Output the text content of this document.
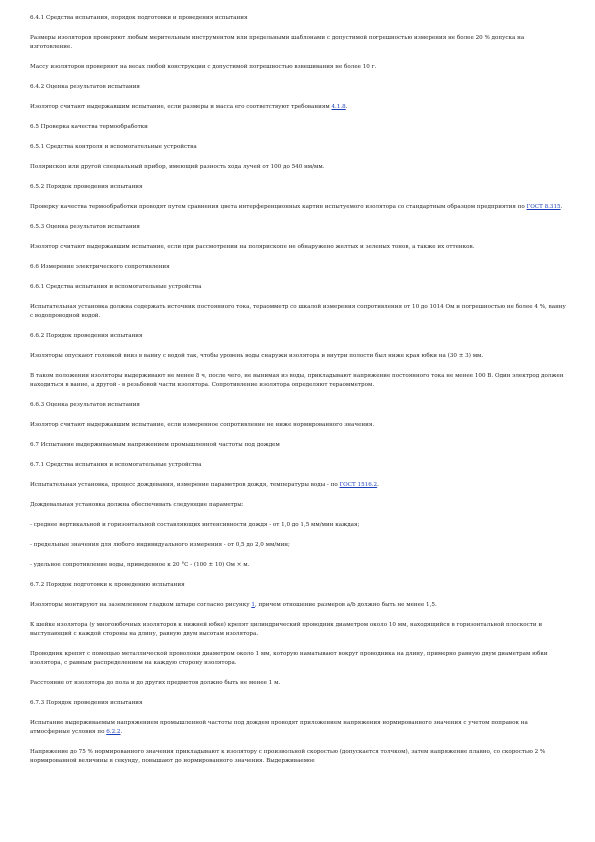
6.4.1 Средства испытания, порядок подготовки и проведения испытания

Размеры изоляторов проверяют любым мерительным инструментом или предельными шаблонами с допустимой погрешностью измерения не более 20 % допуска на изготовление.

Массу изоляторов проверяют на весах любой конструкции с допустимой погрешностью взвешивания не более 10 г.

6.4.2 Оценка результатов испытания

Изолятор считают выдержавшим испытание, если размеры и масса его соответствуют требованиям 4.1.8.

6.5 Проверка качества термообработки

6.5.1 Средства контроля и вспомогательные устройства

Полярископ или другой специальный прибор, имеющий разность хода лучей от 100 до 540 нм/мм.

6.5.2 Порядок проведения испытания

Проверку качества термообработки проводят путем сравнения цвета интерференционных картин испытуемого изолятора со стандартным образцом предприятия по ГОСТ 8.315.

6.5.3 Оценка результатов испытания

Изолятор считают выдержавшим испытание, если при рассмотрении на полярископе не обнаружено желтых и зеленых тонов, а также их оттенков.

6.6 Измерение электрического сопротивления

6.6.1 Средства испытания и вспомогательные устройства

Испытательная установка должна содержать источник постоянного тока, тераомметр со шкалой измерения сопротивления от 10 до 1014 Ом и погрешностью не более 4 %, ванну с водопроводной водой.

6.6.2 Порядок проведения испытания

Изоляторы опускают головкой вниз в ванну с водой так, чтобы уровень воды снаружи изолятора и внутри полости был ниже края юбки на (30 ± 3) мм.

В таком положении изоляторы выдерживают не менее 8 ч, после чего, не вынимая из воды, прикладывают напряжение постоянного тока не менее 100 В. Один электрод должен находиться в ванне, а другой - в резьбовой части изолятора. Сопротивление изолятора определяют тераомметром.

6.6.3 Оценка результатов испытания

Изолятор считают выдержавшим испытание, если измеренное сопротивление не ниже нормированного значения.

6.7 Испытание выдерживаемым напряжением промышленной частоты под дождем

6.7.1 Средства испытания и вспомогательные устройства

Испытательная установка, процесс дождевания, измерение параметров дождя, температуры воды - по ГОСТ 1516.2.

Дождевальная установка должна обеспечивать следующие параметры:

- среднее вертикальной и горизонтальной составляющих интенсивности дождя - от 1,0 до 1,5 мм/мин каждая;

- предельные значения для любого индивидуального измерения - от 0,5 до 2,0 мм/мин;

- удельное сопротивление воды, приведенное к 20 °С - (100 ± 10) Ом × м.

6.7.2 Порядок подготовки к проведению испытания

Изоляторы монтируют на заземленном гладком штыре согласно рисунку 1, причем отношение размеров a/b должно быть не менее 1,5.

К шейке изолятора (у многоюбочных изоляторов к нижней юбке) крепят цилиндрический проводник диаметром около 10 мм, находящийся в горизонтальной плоскости и выступающий с каждой стороны на длину, равную двум высотам изолятора.

Проводник крепят с помощью металлической проволоки диаметром около 1 мм, которую наматывают вокруг проводника на длину, примерно равную двум диаметрам юбки изолятора, с равным распределением на каждую сторону изолятора.

Расстояние от изолятора до пола и до других предметов должно быть не менее 1 м.

6.7.3 Порядок проведения испытания

Испытание выдерживаемым напряжением промышленной частоты под дождем проводят приложением напряжения нормированного значения с учетом поправок на атмосферные условия по 6.2.2.

Напряжение до 75 % нормированного значения прикладывают к изолятору с произвольной скоростью (допускается толчком), затем напряжение плавно, со скоростью 2 % нормированной величины в секунду, повышают до нормированного значения. Выдерживаемое
